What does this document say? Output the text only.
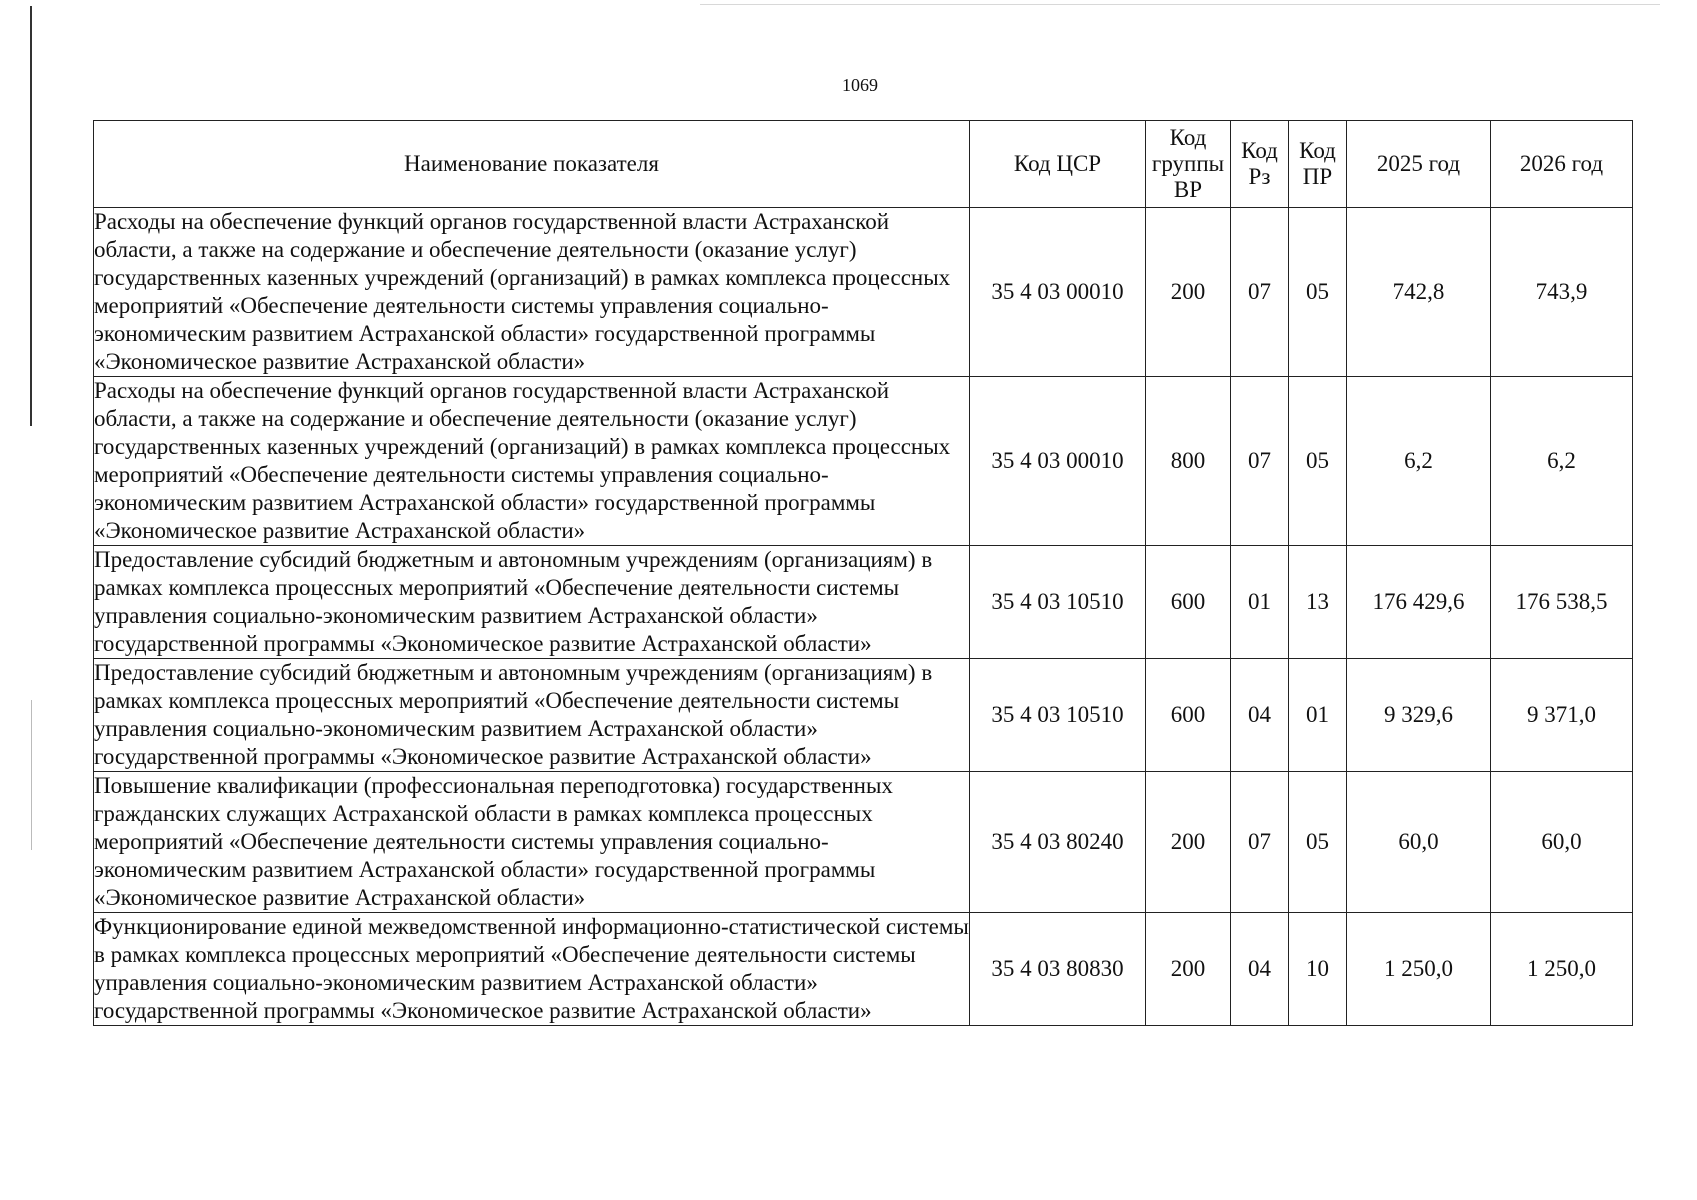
1069
Наименование показателя	Код ЦСР	Код группы ВР	Код Рз	Код ПР	2025 год	2026 год
Расходы на обеспечение функций органов государственной власти Астраханской области, а также на содержание и обеспечение деятельности (оказание услуг) государственных казенных учреждений (организаций) в рамках комплекса процессных мероприятий «Обеспечение деятельности системы управления социально-экономическим развитием Астраханской области» государственной программы «Экономическое развитие Астраханской области»	35 4 03 00010	200	07	05	742,8	743,9
Расходы на обеспечение функций органов государственной власти Астраханской области, а также на содержание и обеспечение деятельности (оказание услуг) государственных казенных учреждений (организаций) в рамках комплекса процессных мероприятий «Обеспечение деятельности системы управления социально-экономическим развитием Астраханской области» государственной программы «Экономическое развитие Астраханской области»	35 4 03 00010	800	07	05	6,2	6,2
Предоставление субсидий бюджетным и автономным учреждениям (организациям) в рамках комплекса процессных мероприятий «Обеспечение деятельности системы управления социально-экономическим развитием Астраханской области» государственной программы «Экономическое развитие Астраханской области»	35 4 03 10510	600	01	13	176 429,6	176 538,5
Предоставление субсидий бюджетным и автономным учреждениям (организациям) в рамках комплекса процессных мероприятий «Обеспечение деятельности системы управления социально-экономическим развитием Астраханской области» государственной программы «Экономическое развитие Астраханской области»	35 4 03 10510	600	04	01	9 329,6	9 371,0
Повышение квалификации (профессиональная переподготовка) государственных гражданских служащих Астраханской области в рамках комплекса процессных мероприятий «Обеспечение деятельности системы управления социально-экономическим развитием Астраханской области» государственной программы «Экономическое развитие Астраханской области»	35 4 03 80240	200	07	05	60,0	60,0
Функционирование единой межведомственной информационно-статистической системы в рамках комплекса процессных мероприятий «Обеспечение деятельности системы управления социально-экономическим развитием Астраханской области» государственной программы «Экономическое развитие Астраханской области»	35 4 03 80830	200	04	10	1 250,0	1 250,0
